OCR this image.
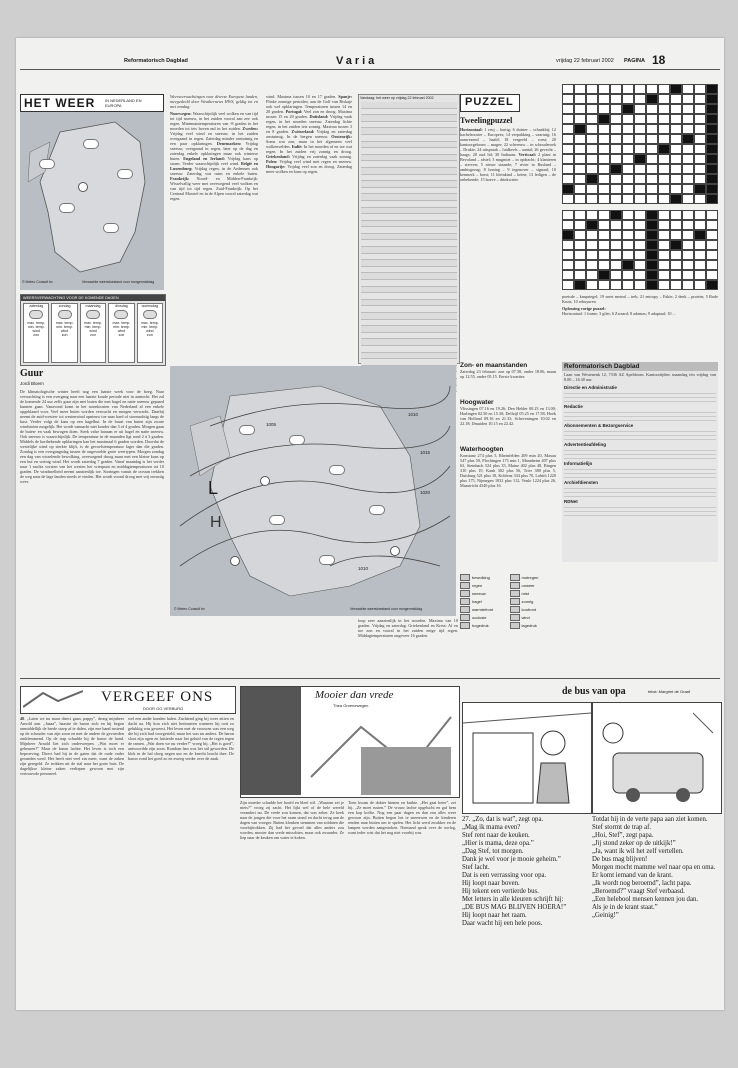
Reformatorisch Dagblad	Varia	vrijdag 22 februari 2002 PAGINA 18
HET WEER IN NEDERLAND EN EUROPA
© Meteo Consult bv	Verwachte weerstoestand voor morgenmiddag
WEERSVERWACHTING VOOR DE KOMENDE DAGEN
zaterdag
max. temp.
min. temp.
wind
zon
zondag
max. temp.
min. temp.
wind
zon
maandag
max. temp.
min. temp.
wind
zon
dinsdag
max. temp.
min. temp.
wind
zon
woensdag
max. temp.
min. temp.
wind
zon
Guur
Jordi Bloem
De klimatologische winter heeft nog een laatste week voor de boeg. Naar verwachting is een overgang naar een laatste koude periode niet in aantocht. Het zal de komende 24 uur zelfs guur zijn met buien die met hagel en natte sneeuw gepaard kunnen gaan. Vanavond komt in het noordoosten van Nederland al een enkele opgeklaard voor. Veel meer buien worden verwacht en morgen verwacht. Daarbij neemt de zuid-westen- tot westenwind opnieuw toe naar hard of stormachtig langs de kust. Verder volgt de kans op een hagelbui. In de buurt van buien zijn zware windstoten mogelijk. Het wordt vannacht niet kouder dan 3 of 4 graden. Morgen gaan de buien- en vaak bewogen doen. Sterk valse banaan er uit hagel en natte sneeuw. Ook sneeuw is waarschijnlijk. De temperatuur in de maanden ligt rond 2 à 3 graden. Middels de korthebende opklaringen kan het maximaal 6 graden worden. Doordat de westelijke wind op sterkte blijft, is de gevoelstemperatuur lager dan die graden. Zondag is een overgangsdag tussen de ongevoelde grote weertypen. Morgen zondag een dag van wisselende bewolking, overwegend droog maar met een kleine kans op een bui en weinig wind. Het wordt zaterdag 7 graden. Vanaf maandag is het verder naar 't nachts vorsten van het westen het vriespunt en middagtemperaturen tot 10 graden. De windsnelheid neemt aanzienlijk toe. Storingen vanuit de oceaan trekken de weg naar de lage landen steeds te vinden. Het wordt vooral droog met vrij onrustig weer.
Weersverwachtingen voor diverse Europese landen, meegedeeld door Weathernews HWS, geldig tot en met zondag:
Noorwegen: Waarschijnlijk veel wolken en van tijd tot tijd sneeuw, in het zuiden vooral aan zee ook regen. Minimumtemperaturen van -8 graden in het noorden tot iets boven nul in het zuiden. Zweden: Vrijdag veel wind en sneeuw, in het zuiden overgaand in regen. Zaterdag minder onstuimig en een paar opklaringen. Denemarken: Vrijdag sneeuw, overgaand in regen, later op de dag en zaterdag enkele opklaringen maar ook winterse buien. Engeland en Ierland: Vrijdag kans op storm. Verder waarschijnlijk veel wind. België en Luxemburg: Vrijdag regen, in de Ardennen ook sneeuw. Zaterdag wat ruim en enkele buien. Frankrijk: Noord- en Midden-Frankrijk: Wisselvallig weer met overwegend veel wolken en van tijd tot tijd regen. Zuid-Frankrijk: Op het Centraal Massief en in de Alpen vooral zaterdag wat regen.
wind. Maxima tussen 10 en 17 graden. Spanje: Flinke zonnige perioden, aan de Golf van Biskaje ook wel opklaringen. Temperaturen tussen 14 en 20 graden. Portugal: Veel zon en droog. Maxima tussen 15 en 20 graden. Duitsland: Vrijdag vaak regen, in het noorden sneeuw. Zaterdag lichte regen, in het zuiden iets zonnig. Maxima tussen 3 en 8 graden. Zwitserland: Vrijdag en zaterdag onstuimig. In de bergen sneeuw. Oostenrijk: Soms wat zon, maar in het algemeen veel wolkenvelden. Italië: In het noorden af en toe wat regen. In het zuiden vrij zonnig en droog. Griekenland: Vrijdag en zaterdag vaak zonnig. Polen: Vrijdag veel wind met regen en sneeuw. Hongarije: Vrijdag veel zon en droog. Zaterdag meer wolken en kans op regen.
Vandaag: het weer op vrijdag 22 februari 2002	PUZZEL
Tweelingpuzzel
Horizontaal: 1 reuj – hartig; 6 duister – schaakbij; 12 kachelrooster – Europees; 14 verpakking – vaartuig; 16 aanwezend – baald; 18 vergeeld – roest; 20 kantoorgebouw – mager; 22 schreeuw – in schouderoek – Drukte; 24 uitspraak – luidkeels – aantal; 26 gevecht – haags; 28 oud lid; 30 Indiaans. Verticaal: 2 plant in Bevoland – afstel; 3 mugmiet – in opdracht; 4 klanteren – sterven; 5 nieuw staande; 7 rivier in Rusland – ambtsgezag; 8 honing – 9 tegenover – signaal; 10 kenmerk – borst; 11 kleinkind – keten; 13 ledigen – de onbekende; 15 boeve – drinkwater.
poetsde – knapriegel; 19 snert meteal – trek; 21 entropy – Fakie; 2 denk – protein; 5 Rode Kruis; 10 rebuyuren
Oplossing vorige puzzel:
Horizontaal: 1 frame; 3 gilet; 6 Zwaard; 8 adamas; 9 adaptaal; 10 ...
Zon- en maanstanden
Zaterdag 23 februari: zon op 07.38, onder 18.06, maan op 12.55, onder 05.15. Eerste kwartier.
Hoogwater
Vlissingen 07.16 en 19.26; Den Helder 00.23 en 13.00; Harlingen 02.50 en 15.30; Delfzijl 05.25 en 17.58; Hoek van Holland 09.16 en 21.33; Scheveningen 10.02 en 22.18; IJmuiden 10.15 en 22.42.
Waterhoogten
Konstanz 274 plus 5, Rheinfelden 209 min 20, Maxau 547 plus 50, Plochingen 173 min 1, Mannheim 407 plus 63, Steinbach 524 plus 35, Mainz 402 plus 48, Bingen 310 plus 19, Kaub 302 plus 56, Trier 380 plus 5, Duisburg 521 plus 18, Koblenz 334 plus 70, Lobith 1220 plus 175, Nijmegen 1032 plus 112, Venlo 1224 plus 26, Maastricht 4340 plus 16.
Reformatorisch Dagblad
Laan van Westenenk 12, 7336 AZ Apeldoorn. Kantoortijden: maandag t/m vrijdag van 8.00 – 16.30 uur.
Directie en Administratie
Redactie
Abonnementen & Bezorgservice
Advertentieafdeling
Informatielijn
Archiefdiensten
RDNet
L
H
1010
1015
1020
1005
1010
© Meteo Consult bv	Verwachte weerstoestand voor morgenmiddag
bewolking	motregen
regen	onweer
sneeuw	mist
hagel	zonnig
warmtefront	koufront
occlusie	wind
hogedruk	lagedruk
loop zeer aanzienlijk in het noorden. Maxima van 10 graden. Vrijdag en zaterdag. Griekenland en Kreta: Af en toe zon en vooral in het zuiden enige tijd regen. Middagtemperaturen ongeveer 16 graden.
VERGEEF ONS
DOOR GO VERBURG
40. „Laten we nu maar direct gaan, pappy”, drong mijnheer Arnold aan. „Jaaaa”, haastte de baron zich en hij begon onmiddellijk de brede stoep af te dalen, zijn ene hand rustend op de schouder van zijn zoon en met de andere de gevoerden omklemmend. Op de trap schudde hij de baron de hand. Mijnheer Arnold liet zich onderwerpen. „Wat moet er gebeuren?” Maar de baron lachte. Het leven is toch een beproeving. Direct had hij in de gaten dat de oude vader gesneden werd. Het heeft niet veel zin meer, want de zaken zijn geregeld. Ze trokken uit de stal naar het grote huis. De dagelijkse kleine zaken verliepen gewoon met zijn vertrouwde personeel.
wel een ander konden halen. Zuchtend ging hij weer zitten en dacht na. Hij kon zich niet herinneren wanneer hij ooit zo gelukkig was geweest. Het leven met de vrouwen was een weg die hij zich had voorgesteld, maar het was nu anders. De baron sloot zijn ogen en luisterde naar het geluid van de regen tegen de ramen. „Wat doen we nu verder?” vroeg hij. „Het is goed”, antwoordde zijn zoon. Rondom hen was het stil geworden. De klok in de hal sloeg negen uur en de knecht bracht thee. De baron vond het goed zo en zweeg verder over de zaak.
Mooier dan vrede
Thea Groenewegen
Zijn moeder schudde het hoofd en bleef stil. „Waarom zei je niets?” vroeg zij zacht. Het lijkt wel of de hele wereld verandert nu. De vrede zou komen, dat was zeker. Ze keek naar de jongen die voor het raam stond en dacht terug aan de dagen van vroeger. Buiten klonken stemmen van soldaten die voorbijtrokken. Zij had het gevoel dat alles anders zou worden, mooier dan vrede misschien, maar ook zwaarder. Ze liep naar de keuken om water te koken.
Toen kwam de dokter binnen en knikte. „Het gaat beter”, zei hij. „Ze moet rusten.” De vrouw lachte opgelucht en gaf hem een kop koffie. Nog een paar dagen en dan zou alles weer gewoon zijn. Buiten begon het te sneeuwen en de kinderen renden naar buiten om te spelen. Het licht werd zwakker en de lampen werden aangestoken. Niemand sprak over de oorlog, want ieder wist dat het nog niet voorbij was.
de bus van opa	tekst: Margriet de Graaf
27. „Zo, dat is wat”, zegt opa.
„Mag ik mama even?
Stef rent naar de keuken.
„Hier is mama, deze opa.”
„Dag Stef, tot morgen.
Dank je wel voor je mooie geheim.”
Stef lacht.
Dat is een verrassing voor opa.
Hij loopt naar boven.
Hij tekent een vertierde bus.
Met letters in alle kleuren schrijft hij:
„DE BUS MAG BLIJVEN HOERA!”
Hij loopt naar het raam.
Daar wacht hij een hele poos.
Totdat hij in de verte papa aan ziet komen.
Stef stormt de trap af.
„Hoi, Stef”, zegt papa.
„Jij stond zeker op de uitkijk!”
„Ja, want ik wil het zelf vertellen.
De bus mag blijven!
Morgen mocht mamme wel naar opa en oma.
Er komt iemand van de krant.
„Ik wordt nog beroemd”, lacht papa.
„Beroemd?” vraagt Stef verbaasd.
„Een helebool mensen kennen jou dan.
Als je in de krant staat.”
„Geinig!”
